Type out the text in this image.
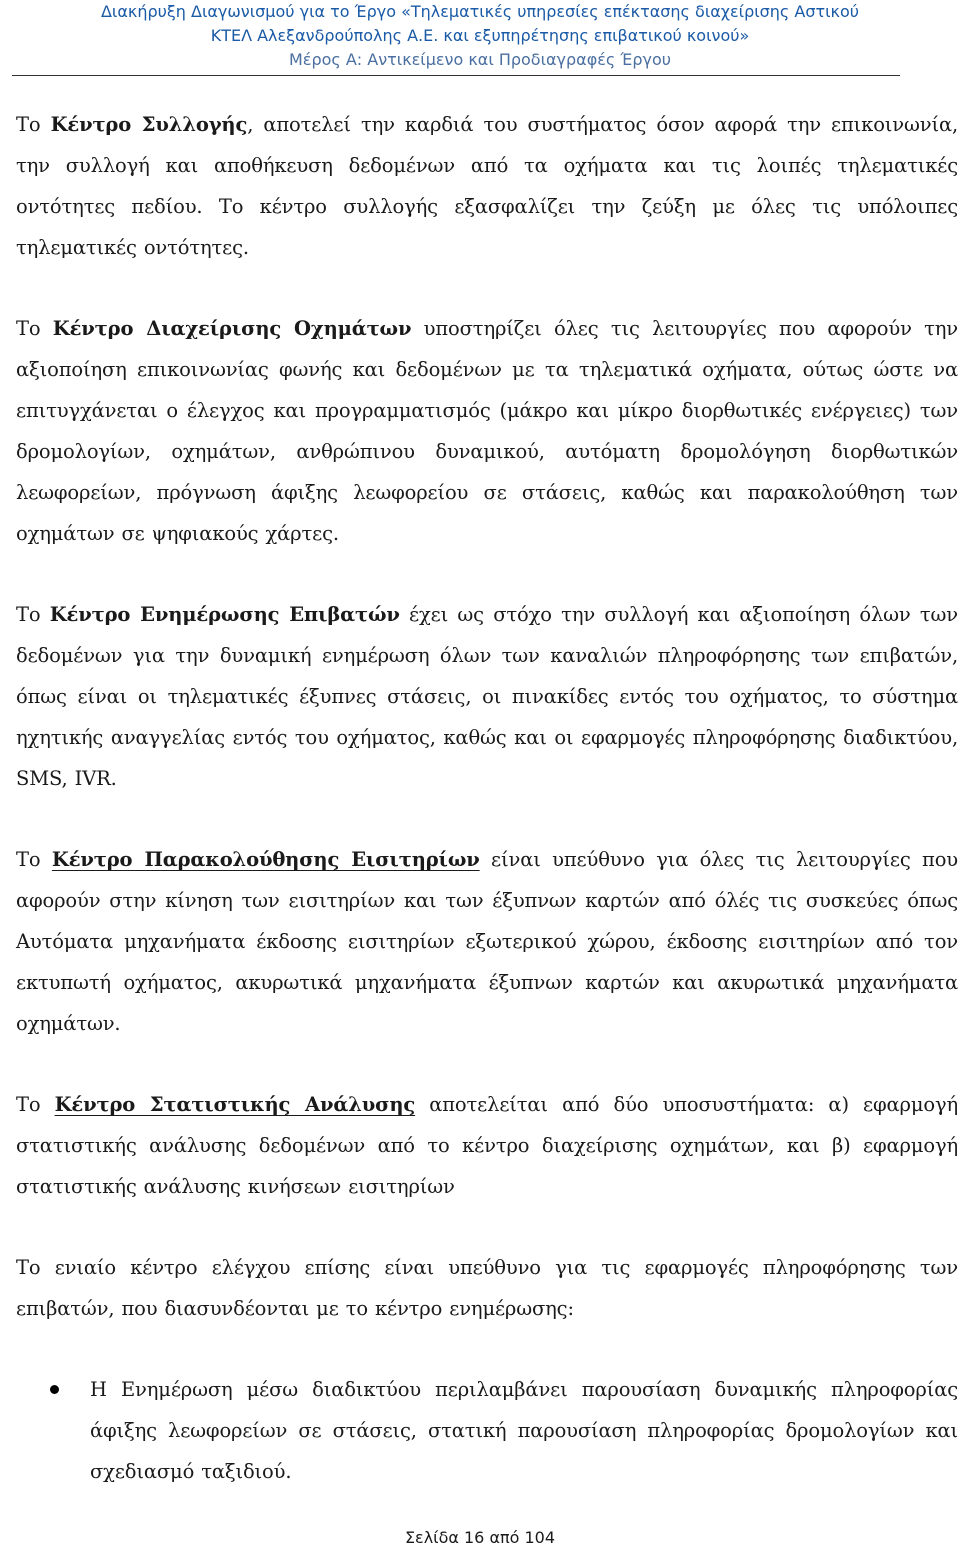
Διακήρυξη Διαγωνισμού για το Έργο «Τηλεματικές υπηρεσίες επέκτασης διαχείρισης Αστικού
ΚΤΕΛ Αλεξανδρούπολης Α.Ε. και εξυπηρέτησης επιβατικού κοινού»
Μέρος Α: Αντικείμενο και Προδιαγραφές Έργου

Το Κέντρο Συλλογής, αποτελεί την καρδιά του συστήματος όσον αφορά την επικοινωνία, την συλλογή και αποθήκευση δεδομένων από τα οχήματα και τις λοιπές τηλεματικές οντότητες πεδίου. Το κέντρο συλλογής εξασφαλίζει την ζεύξη με όλες τις υπόλοιπες τηλεματικές οντότητες.

Το Κέντρο Διαχείρισης Οχημάτων υποστηρίζει όλες τις λειτουργίες που αφορούν την αξιοποίηση επικοινωνίας φωνής και δεδομένων με τα τηλεματικά οχήματα, ούτως ώστε να επιτυγχάνεται ο έλεγχος και προγραμματισμός (μάκρο και μίκρο διορθωτικές ενέργειες) των δρομολογίων, οχημάτων, ανθρώπινου δυναμικού, αυτόματη δρομολόγηση διορθωτικών λεωφορείων, πρόγνωση άφιξης λεωφορείου σε στάσεις, καθώς και παρακολούθηση των οχημάτων σε ψηφιακούς χάρτες.

Το Κέντρο Ενημέρωσης Επιβατών έχει ως στόχο την συλλογή και αξιοποίηση όλων των δεδομένων για την δυναμική ενημέρωση όλων των καναλιών πληροφόρησης των επιβατών, όπως είναι οι τηλεματικές έξυπνες στάσεις, οι πινακίδες εντός του οχήματος, το σύστημα ηχητικής αναγγελίας εντός του οχήματος, καθώς και οι εφαρμογές πληροφόρησης διαδικτύου, SMS, IVR.

Το Κέντρο Παρακολούθησης Εισιτηρίων είναι υπεύθυνο για όλες τις λειτουργίες που αφορούν στην κίνηση των εισιτηρίων και των έξυπνων καρτών από όλές τις συσκεύες όπως Αυτόματα μηχανήματα έκδοσης εισιτηρίων εξωτερικού χώρου, έκδοσης εισιτηρίων από τον εκτυπωτή οχήματος, ακυρωτικά μηχανήματα έξυπνων καρτών και ακυρωτικά μηχανήματα οχημάτων.

Το Κέντρο Στατιστικής Ανάλυσης αποτελείται από δύο υποσυστήματα: α) εφαρμογή στατιστικής ανάλυσης δεδομένων από το κέντρο διαχείρισης οχημάτων, και β) εφαρμογή στατιστικής ανάλυσης κινήσεων εισιτηρίων

Το ενιαίο κέντρο ελέγχου επίσης είναι υπεύθυνο για τις εφαρμογές πληροφόρησης των επιβατών, που διασυνδέονται με το κέντρο ενημέρωσης:

Η Ενημέρωση μέσω διαδικτύου περιλαμβάνει παρουσίαση δυναμικής πληροφορίας άφιξης λεωφορείων σε στάσεις, στατική παρουσίαση πληροφορίας δρομολογίων και σχεδιασμό ταξιδιού.
Σελίδα 16 από 104
